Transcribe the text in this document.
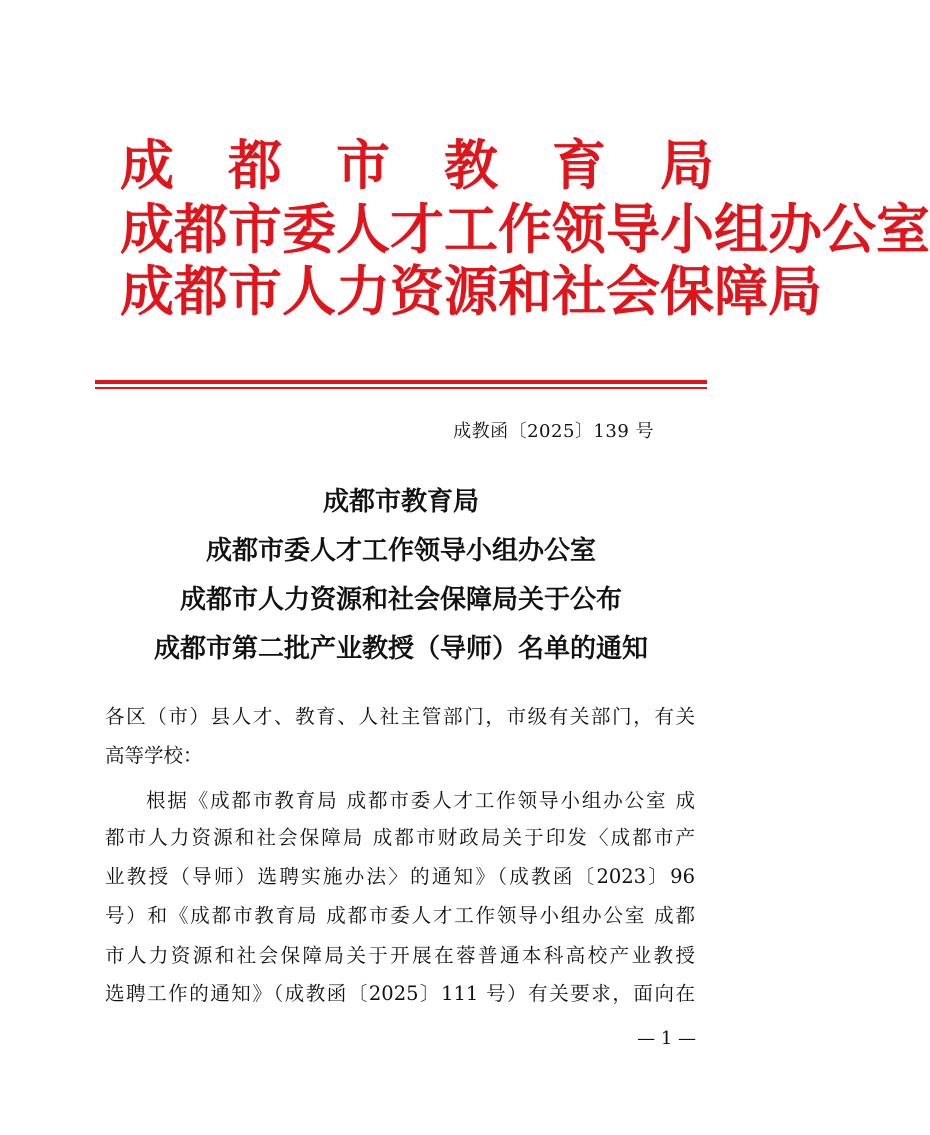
成　都　市　教　育　局
成都市委人才工作领导小组办公室
成都市人力资源和社会保障局
成教函〔2025〕139 号
成都市教育局
成都市委人才工作领导小组办公室
成都市人力资源和社会保障局关于公布
成都市第二批产业教授（导师）名单的通知
各区（市）县人才、教育、人社主管部门，市级有关部门，有关
高等学校：
根据《成都市教育局 成都市委人才工作领导小组办公室 成
都市人力资源和社会保障局 成都市财政局关于印发〈成都市产
业教授（导师）选聘实施办法〉的通知》（成教函〔2023〕96
号）和《成都市教育局 成都市委人才工作领导小组办公室 成都
市人力资源和社会保障局关于开展在蓉普通本科高校产业教授
选聘工作的通知》（成教函〔2025〕111 号）有关要求，面向在
— 1 —
